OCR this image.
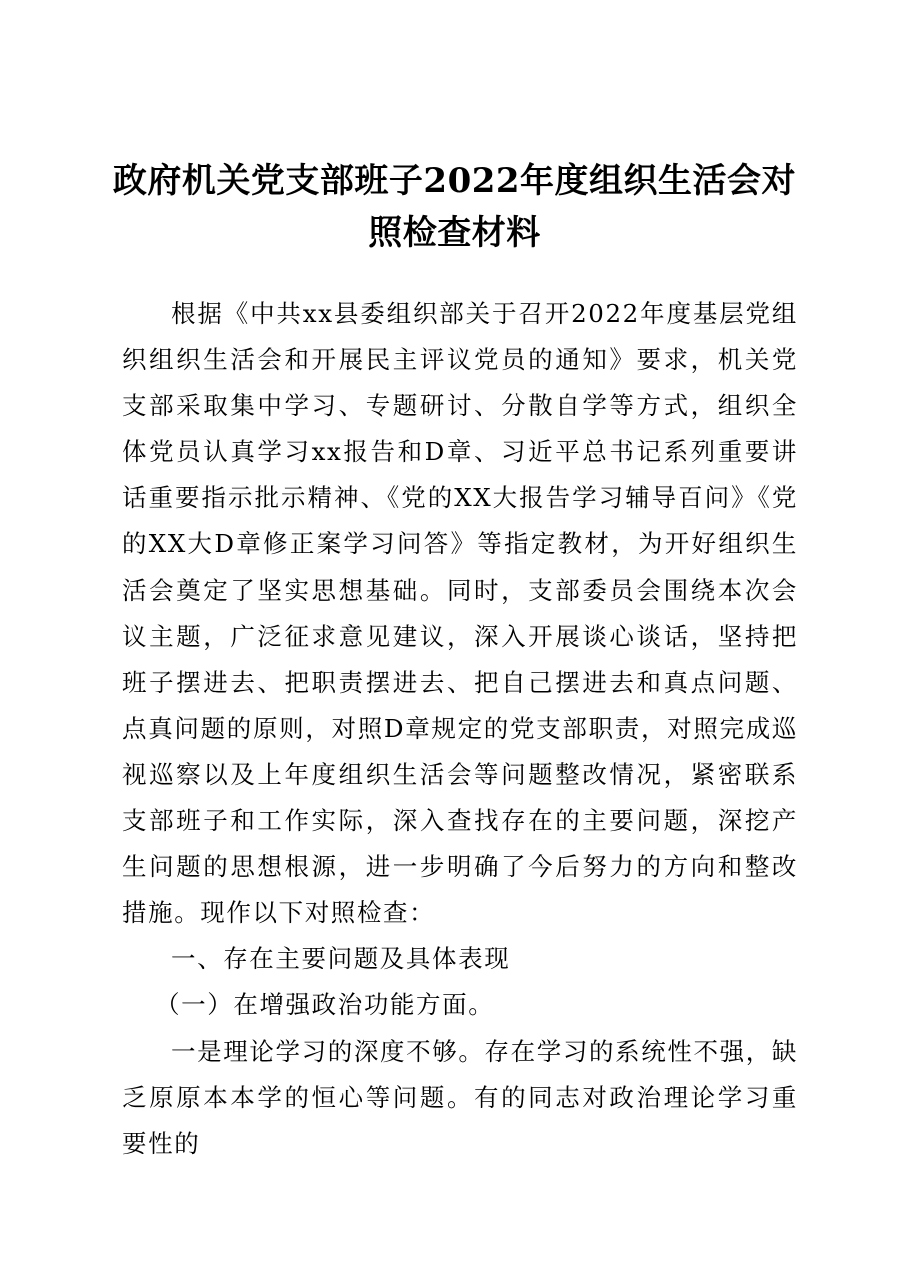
政府机关党支部班子2022年度组织生活会对照检查材料

根据《中共xx县委组织部关于召开2022年度基层党组织组织生活会和开展民主评议党员的通知》要求，机关党支部采取集中学习、专题研讨、分散自学等方式，组织全体党员认真学习xx报告和D章、习近平总书记系列重要讲话重要指示批示精神、《党的XX大报告学习辅导百问》《党的XX大D章修正案学习问答》等指定教材，为开好组织生活会奠定了坚实思想基础。同时，支部委员会围绕本次会议主题，广泛征求意见建议，深入开展谈心谈话，坚持把班子摆进去、把职责摆进去、把自己摆进去和真点问题、点真问题的原则，对照D章规定的党支部职责，对照完成巡视巡察以及上年度组织生活会等问题整改情况，紧密联系支部班子和工作实际，深入查找存在的主要问题，深挖产生问题的思想根源，进一步明确了今后努力的方向和整改措施。现作以下对照检查：

一、存在主要问题及具体表现

（一）在增强政治功能方面。

一是理论学习的深度不够。存在学习的系统性不强，缺乏原原本本学的恒心等问题。有的同志对政治理论学习重要性的
